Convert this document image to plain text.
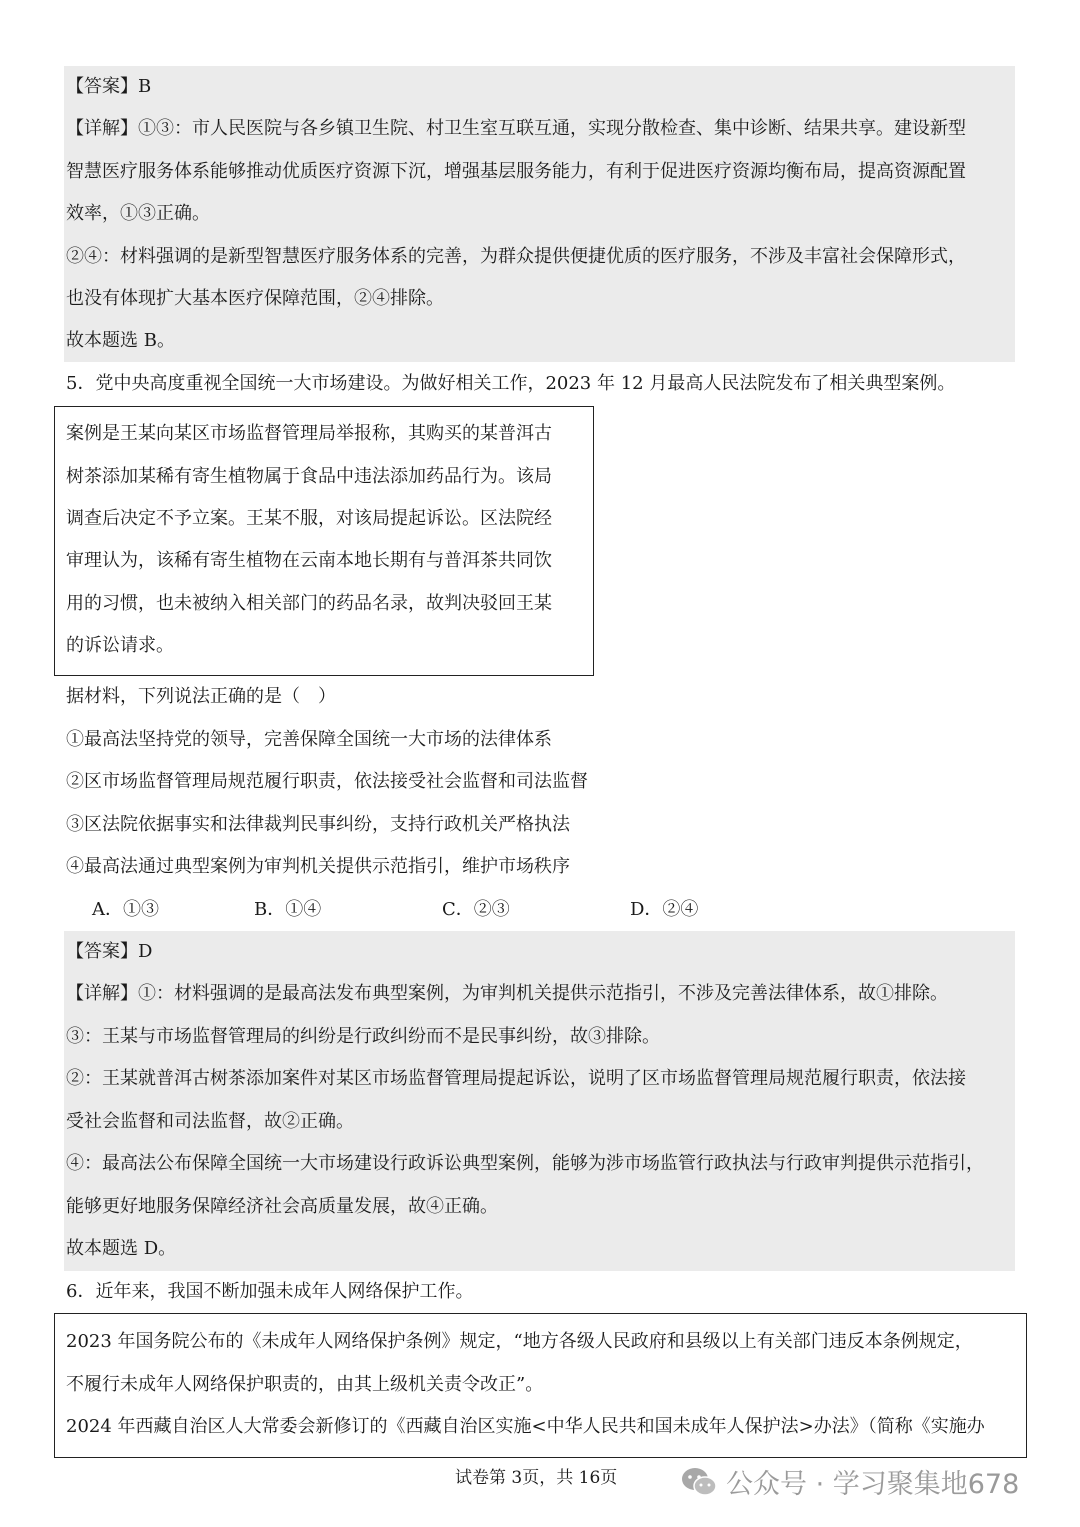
【答案】B
【详解】①③：市人民医院与各乡镇卫生院、村卫生室互联互通，实现分散检查、集中诊断、结果共享。建设新型
智慧医疗服务体系能够推动优质医疗资源下沉，增强基层服务能力，有利于促进医疗资源均衡布局，提高资源配置
效率，①③正确。
②④：材料强调的是新型智慧医疗服务体系的完善，为群众提供便捷优质的医疗服务，不涉及丰富社会保障形式，
也没有体现扩大基本医疗保障范围，②④排除。
故本题选 B。
5．党中央高度重视全国统一大市场建设。为做好相关工作，2023 年 12 月最高人民法院发布了相关典型案例。
案例是王某向某区市场监督管理局举报称，其购买的某普洱古
树茶添加某稀有寄生植物属于食品中违法添加药品行为。该局
调查后决定不予立案。王某不服，对该局提起诉讼。区法院经
审理认为，该稀有寄生植物在云南本地长期有与普洱茶共同饮
用的习惯，也未被纳入相关部门的药品名录，故判决驳回王某
的诉讼请求。
据材料，下列说法正确的是（　）
①最高法坚持党的领导，完善保障全国统一大市场的法律体系
②区市场监督管理局规范履行职责，依法接受社会监督和司法监督
③区法院依据事实和法律裁判民事纠纷，支持行政机关严格执法
④最高法通过典型案例为审判机关提供示范指引，维护市场秩序
A．①③	B．①④	C．②③	D．②④
【答案】D
【详解】①：材料强调的是最高法发布典型案例，为审判机关提供示范指引，不涉及完善法律体系，故①排除。
③：王某与市场监督管理局的纠纷是行政纠纷而不是民事纠纷，故③排除。
②：王某就普洱古树茶添加案件对某区市场监督管理局提起诉讼，说明了区市场监督管理局规范履行职责，依法接
受社会监督和司法监督，故②正确。
④：最高法公布保障全国统一大市场建设行政诉讼典型案例，能够为涉市场监管行政执法与行政审判提供示范指引，
能够更好地服务保障经济社会高质量发展，故④正确。
故本题选 D。
6．近年来，我国不断加强未成年人网络保护工作。
2023 年国务院公布的《未成年人网络保护条例》规定，“地方各级人民政府和县级以上有关部门违反本条例规定，
不履行未成年人网络保护职责的，由其上级机关责令改正”。
2024 年西藏自治区人大常委会新修订的《西藏自治区实施<中华人民共和国未成年人保护法>办法》（简称《实施办
试卷第 3页，共 16页	公众号 · 学习聚集地678
